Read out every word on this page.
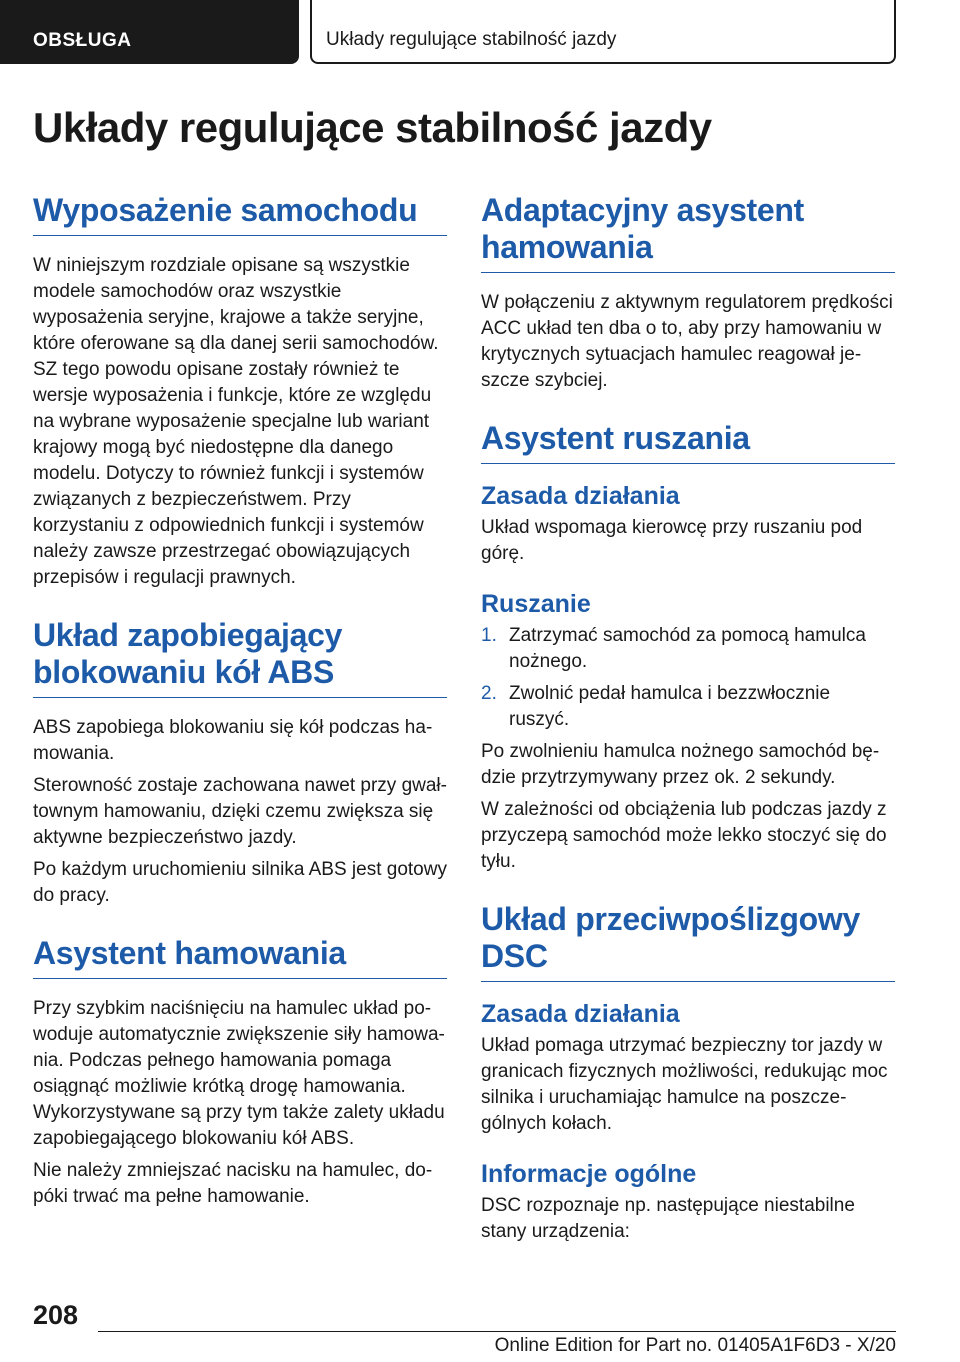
OBSŁUGA	Układy regulujące stabilność jazdy
Układy regulujące stabilność jazdy
Wyposażenie samochodu

W niniejszym rozdziale opisane są wszystkie modele samochodów oraz wszystkie wyposażenia seryjne, krajowe a także seryjne, które oferowane są dla danej serii samochodów. SZ tego powodu opisane zostały również te wersje wyposażenia i funkcje, które ze względu na wybrane wyposażenie specjalne lub wariant krajowy mogą być niedostępne dla danego modelu. Dotyczy to również funkcji i systemów związanych z bezpieczeństwem. Przy korzystaniu z odpowiednich funkcji i systemów należy zawsze przestrzegać obowiązujących przepisów i regulacji prawnych.

Układ zapobiegający blokowaniu kół ABS

ABS zapobiega blokowaniu się kół podczas hamowania.

Sterowność zostaje zachowana nawet przy gwałtownym hamowaniu, dzięki czemu zwiększa się aktywne bezpieczeństwo jazdy.

Po każdym uruchomieniu silnika ABS jest gotowy do pracy.

Asystent hamowania

Przy szybkim naciśnięciu na hamulec układ powoduje automatycznie zwiększenie siły hamowania. Podczas pełnego hamowania pomaga osiągnąć możliwie krótką drogę hamowania. Wykorzystywane są przy tym także zalety układu zapobiegającego blokowaniu kół ABS.

Nie należy zmniejszać nacisku na hamulec, dopóki trwać ma pełne hamowanie.

Adaptacyjny asystent hamowania

W połączeniu z aktywnym regulatorem prędkości ACC układ ten dba o to, aby przy hamowaniu w krytycznych sytuacjach hamulec reagował jeszcze szybciej.

Asystent ruszania
Zasada działania

Układ wspomaga kierowcę przy ruszaniu pod górę.

Ruszanie
1. Zatrzymać samochód za pomocą hamulca nożnego.
2. Zwolnić pedał hamulca i bezzwłocznie ruszyć.

Po zwolnieniu hamulca nożnego samochód będzie przytrzymywany przez ok. 2 sekundy.

W zależności od obciążenia lub podczas jazdy z przyczepą samochód może lekko stoczyć się do tyłu.

Układ przeciwpoślizgowy DSC
Zasada działania

Układ pomaga utrzymać bezpieczny tor jazdy w granicach fizycznych możliwości, redukując moc silnika i uruchamiając hamulce na poszczególnych kołach.

Informacje ogólne

DSC rozpoznaje np. następujące niestabilne stany urządzenia:

208
Online Edition for Part no. 01405A1F6D3 - X/20
